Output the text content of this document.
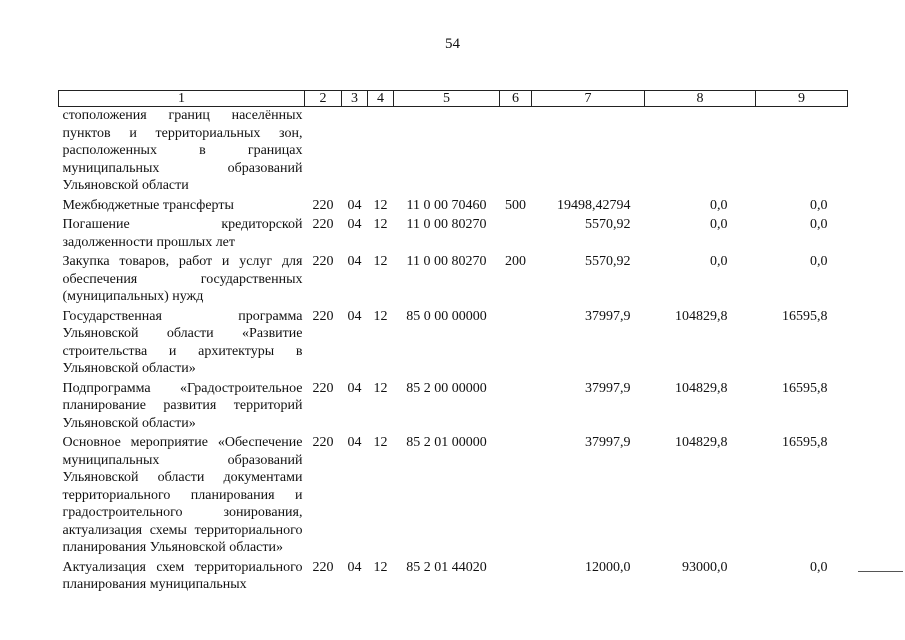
54
1	2	3	4	5	6	7	8	9
стоположения границ населённых пунктов и территориальных зон, расположенных в границах муниципальных образований Ульяновской области								
Межбюджетные трансферты	220	04	12	11 0 00 70460	500	19498,42794	0,0	0,0
Погашение кредиторской задолженности прошлых лет	220	04	12	11 0 00 80270		5570,92	0,0	0,0
Закупка товаров, работ и услуг для обеспечения государственных (муниципальных) нужд	220	04	12	11 0 00 80270	200	5570,92	0,0	0,0
Государственная программа Ульяновской области «Развитие строительства и архитектуры в Ульяновской области»	220	04	12	85 0 00 00000		37997,9	104829,8	16595,8
Подпрограмма «Градостроительное планирование развития территорий Ульяновской области»	220	04	12	85 2 00 00000		37997,9	104829,8	16595,8
Основное мероприятие «Обеспечение муниципальных образований Ульяновской области документами территориального планирования и градостроительного зонирования, актуализация схемы территориального планирования Ульяновской области»	220	04	12	85 2 01 00000		37997,9	104829,8	16595,8
Актуализация схем территориального планирования муниципальных	220	04	12	85 2 01 44020		12000,0	93000,0	0,0
